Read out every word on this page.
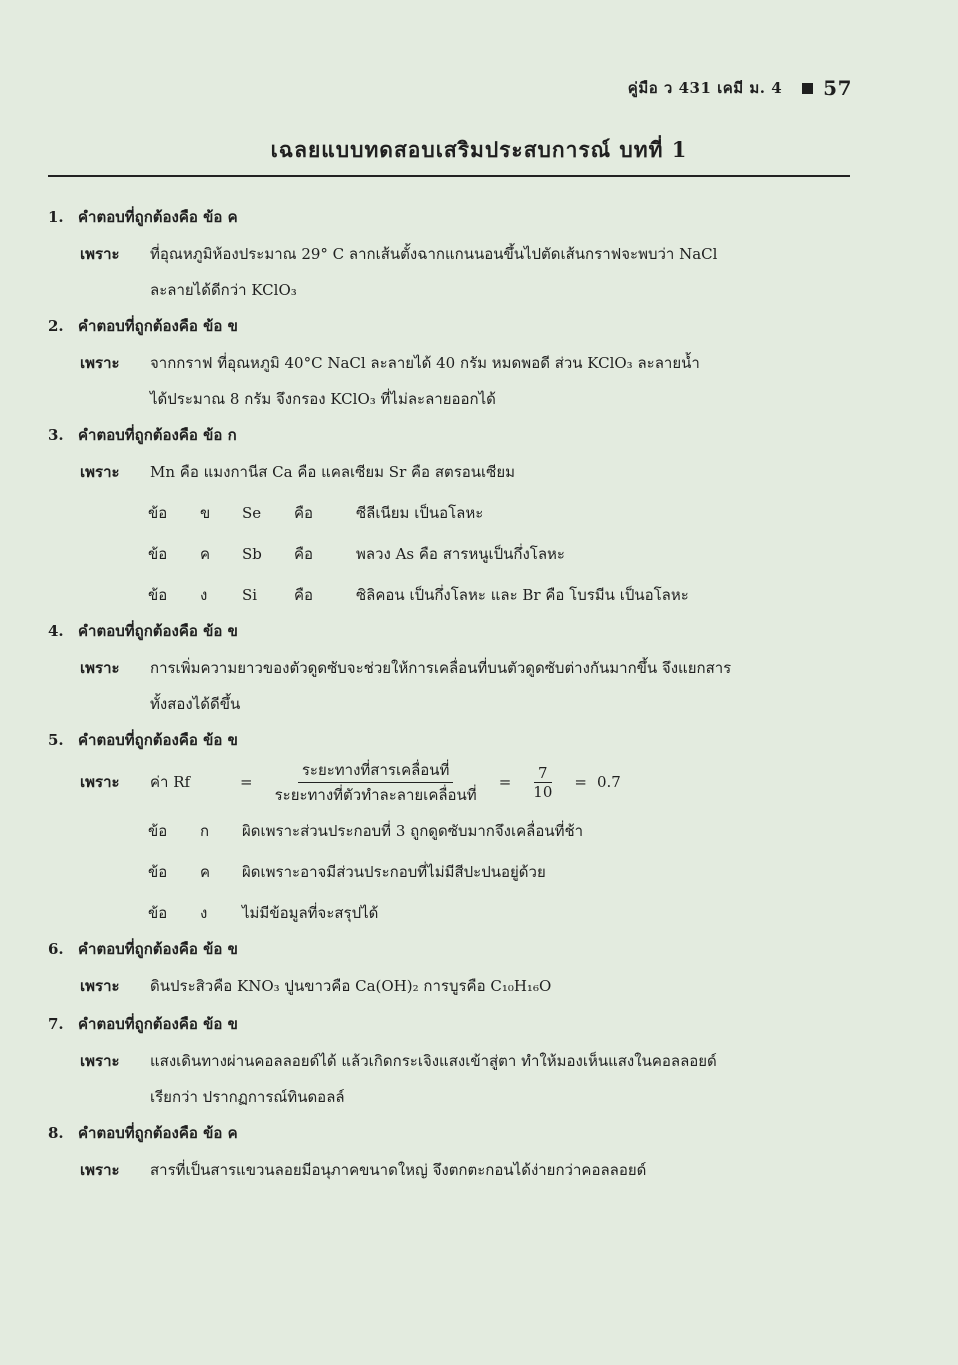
คู่มือ ว 431 เคมี ม. 4 57
เฉลยแบบทดสอบเสริมประสบการณ์ บทที่ 1
1. คำตอบที่ถูกต้องคือ ข้อ ค
เพราะ	ที่อุณหภูมิห้องประมาณ 29° C ลากเส้นตั้งฉากแกนนอนขึ้นไปตัดเส้นกราฟจะพบว่า NaCl
ละลายได้ดีกว่า KClO₃
2. คำตอบที่ถูกต้องคือ ข้อ ข
เพราะ	จากกราฟ ที่อุณหภูมิ 40°C NaCl ละลายได้ 40 กรัม หมดพอดี ส่วน KClO₃ ละลายน้ำ
ได้ประมาณ 8 กรัม จึงกรอง KClO₃ ที่ไม่ละลายออกได้
3. คำตอบที่ถูกต้องคือ ข้อ ก
เพราะ	Mn คือ แมงกานีส Ca คือ แคลเซียม Sr คือ สตรอนเซียม
ข้อ	ข	Se	คือ	ซีลีเนียม เป็นอโลหะ
ข้อ	ค	Sb	คือ	พลวง As คือ สารหนูเป็นกึ่งโลหะ
ข้อ	ง	Si	คือ	ซิลิคอน เป็นกึ่งโลหะ และ Br คือ โบรมีน เป็นอโลหะ
4. คำตอบที่ถูกต้องคือ ข้อ ข
เพราะ	การเพิ่มความยาวของตัวดูดซับจะช่วยให้การเคลื่อนที่บนตัวดูดซับต่างกันมากขึ้น จึงแยกสาร
ทั้งสองได้ดีขึ้น
5. คำตอบที่ถูกต้องคือ ข้อ ข
เพราะ	ค่า Rf	= $\frac{\text{ระยะทางที่สารเคลื่อนที่}}{\text{ระยะทางที่ตัวทำละลายเคลื่อนที่}} = \frac{7}{10} = 0.7$
ข้อ	ก	ผิดเพราะส่วนประกอบที่ 3 ถูกดูดซับมากจึงเคลื่อนที่ช้า
ข้อ	ค	ผิดเพราะอาจมีส่วนประกอบที่ไม่มีสีปะปนอยู่ด้วย
ข้อ	ง	ไม่มีข้อมูลที่จะสรุปได้
6. คำตอบที่ถูกต้องคือ ข้อ ข
เพราะ	ดินประสิวคือ KNO₃ ปูนขาวคือ Ca(OH)₂ การบูรคือ C₁₀H₁₆O
7. คำตอบที่ถูกต้องคือ ข้อ ข
เพราะ	แสงเดินทางผ่านคอลลอยด์ได้ แล้วเกิดกระเจิงแสงเข้าสู่ตา ทำให้มองเห็นแสงในคอลลอยด์
เรียกว่า ปรากฏการณ์ทินดอลล์
8. คำตอบที่ถูกต้องคือ ข้อ ค
เพราะ	สารที่เป็นสารแขวนลอยมีอนุภาคขนาดใหญ่ จึงตกตะกอนได้ง่ายกว่าคอลลอยด์
